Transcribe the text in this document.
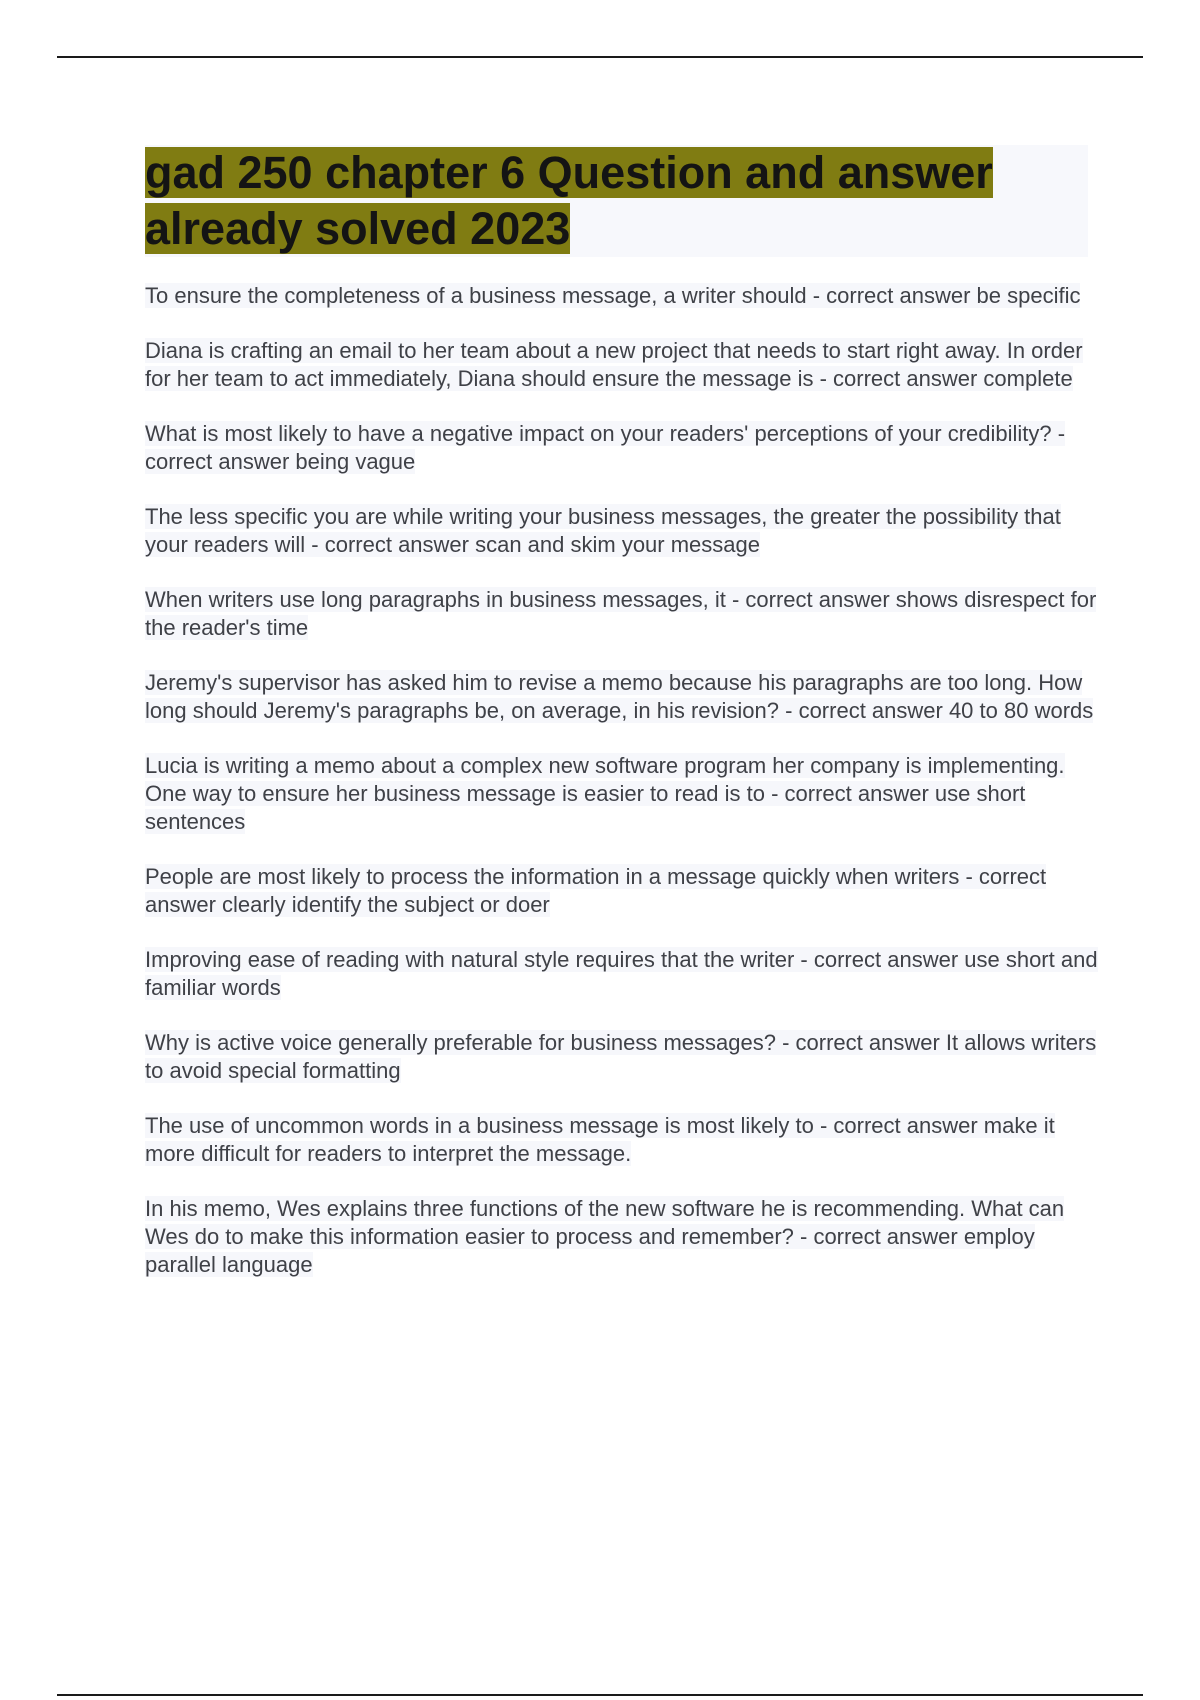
gad 250 chapter 6 Question and answer already solved 2023
To ensure the completeness of a business message, a writer should - correct answer be specific
Diana is crafting an email to her team about a new project that needs to start right away. In order for her team to act immediately, Diana should ensure the message is - correct answer complete
What is most likely to have a negative impact on your readers' perceptions of your credibility? - correct answer being vague
The less specific you are while writing your business messages, the greater the possibility that your readers will - correct answer scan and skim your message
When writers use long paragraphs in business messages, it - correct answer shows disrespect for the reader's time
Jeremy's supervisor has asked him to revise a memo because his paragraphs are too long. How long should Jeremy's paragraphs be, on average, in his revision? - correct answer 40 to 80 words
Lucia is writing a memo about a complex new software program her company is implementing. One way to ensure her business message is easier to read is to - correct answer use short sentences
People are most likely to process the information in a message quickly when writers - correct answer clearly identify the subject or doer
Improving ease of reading with natural style requires that the writer - correct answer use short and familiar words
Why is active voice generally preferable for business messages? - correct answer It allows writers to avoid special formatting
The use of uncommon words in a business message is most likely to - correct answer make it more difficult for readers to interpret the message.
In his memo, Wes explains three functions of the new software he is recommending. What can Wes do to make this information easier to process and remember? - correct answer employ parallel language
